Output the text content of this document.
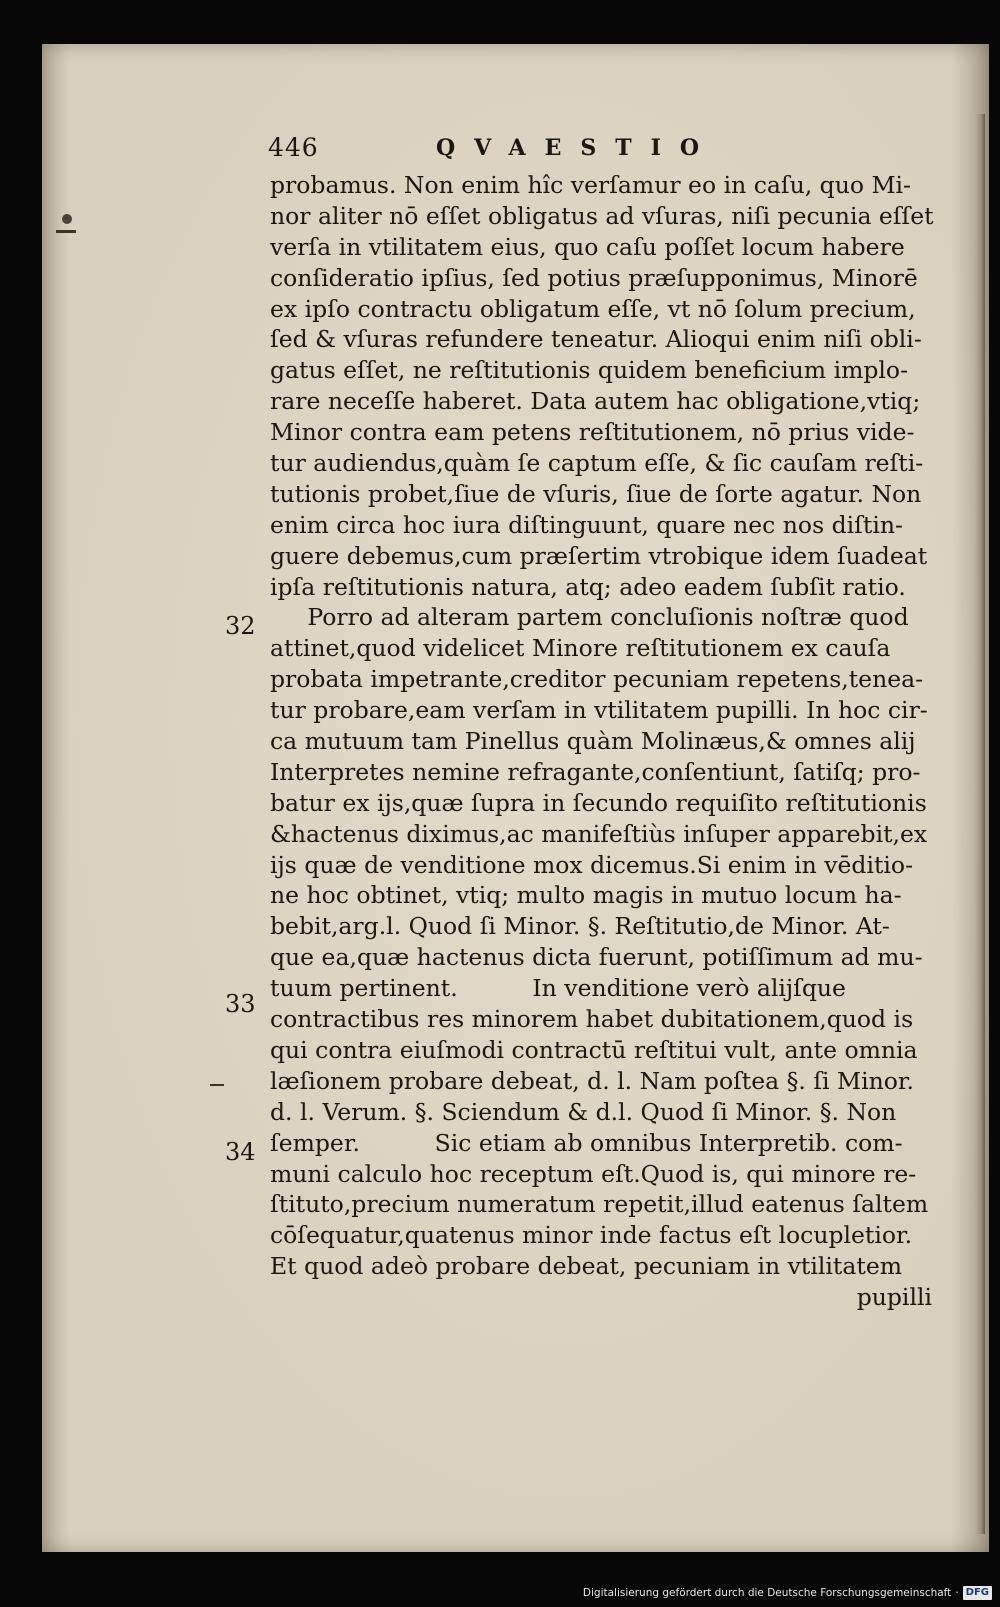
446	QVAESTIO
32
33
34
probamus. Non enim hîc verſamur eo in caſu, quo Mi-
nor aliter nō eſſet obligatus ad vſuras, niſi pecunia eſſet
verſa in vtilitatem eius, quo caſu poſſet locum habere
conſideratio ipſius, ſed potius præſupponimus, Minorē
ex ipſo contractu obligatum eſſe, vt nō ſolum precium,
ſed & vſuras refundere teneatur. Alioqui enim niſi obli-
gatus eſſet, ne reſtitutionis quidem beneficium implo-
rare neceſſe haberet. Data autem hac obligatione,vtiq;
Minor contra eam petens reſtitutionem, nō prius vide-
tur audiendus,quàm ſe captum eſſe, & ſic cauſam reſti-
tutionis probet,ſiue de vſuris, ſiue de ſorte agatur. Non
enim circa hoc iura diſtinguunt, quare nec nos diſtin-
guere debemus,cum præſertim vtrobique idem ſuadeat
ipſa reſtitutionis natura, atq; adeo eadem ſubſit ratio.
Porro ad alteram partem concluſionis noſtræ quod
attinet,quod videlicet Minore reſtitutionem ex cauſa
probata impetrante,creditor pecuniam repetens,tenea-
tur probare,eam verſam in vtilitatem pupilli. In hoc cir-
ca mutuum tam Pinellus quàm Molinæus,& omnes alij
Interpretes nemine refragante,conſentiunt, ſatiſq; pro-
batur ex ijs,quæ ſupra in ſecundo requiſito reſtitutionis
&hactenus diximus,ac manifeſtiùs inſuper apparebit,ex
ijs quæ de venditione mox dicemus.Si enim in vēditio-
ne hoc obtinet, vtiq; multo magis in mutuo locum ha-
bebit,arg.l. Quod ſi Minor. §. Reſtitutio,de Minor. At-
que ea,quæ hactenus dicta fuerunt, potiſſimum ad mu-
tuum pertinent.          In venditione verò alijſque
contractibus res minorem habet dubitationem,quod is
qui contra eiuſmodi contractū reſtitui vult, ante omnia
læſionem probare debeat, d. l. Nam poſtea §. ſi Minor.
d. l. Verum. §. Sciendum & d.l. Quod ſi Minor. §. Non
ſemper.          Sic etiam ab omnibus Interpretib. com-
muni calculo hoc receptum eſt.Quod is, qui minore re-
ſtituto,precium numeratum repetit,illud eatenus ſaltem
cōſequatur,quatenus minor inde factus eſt locupletior.
Et quod adeò probare debeat, pecuniam in vtilitatem
pupilli
Digitalisierung gefördert durch die Deutsche Forschungsgemeinschaft · DFG
